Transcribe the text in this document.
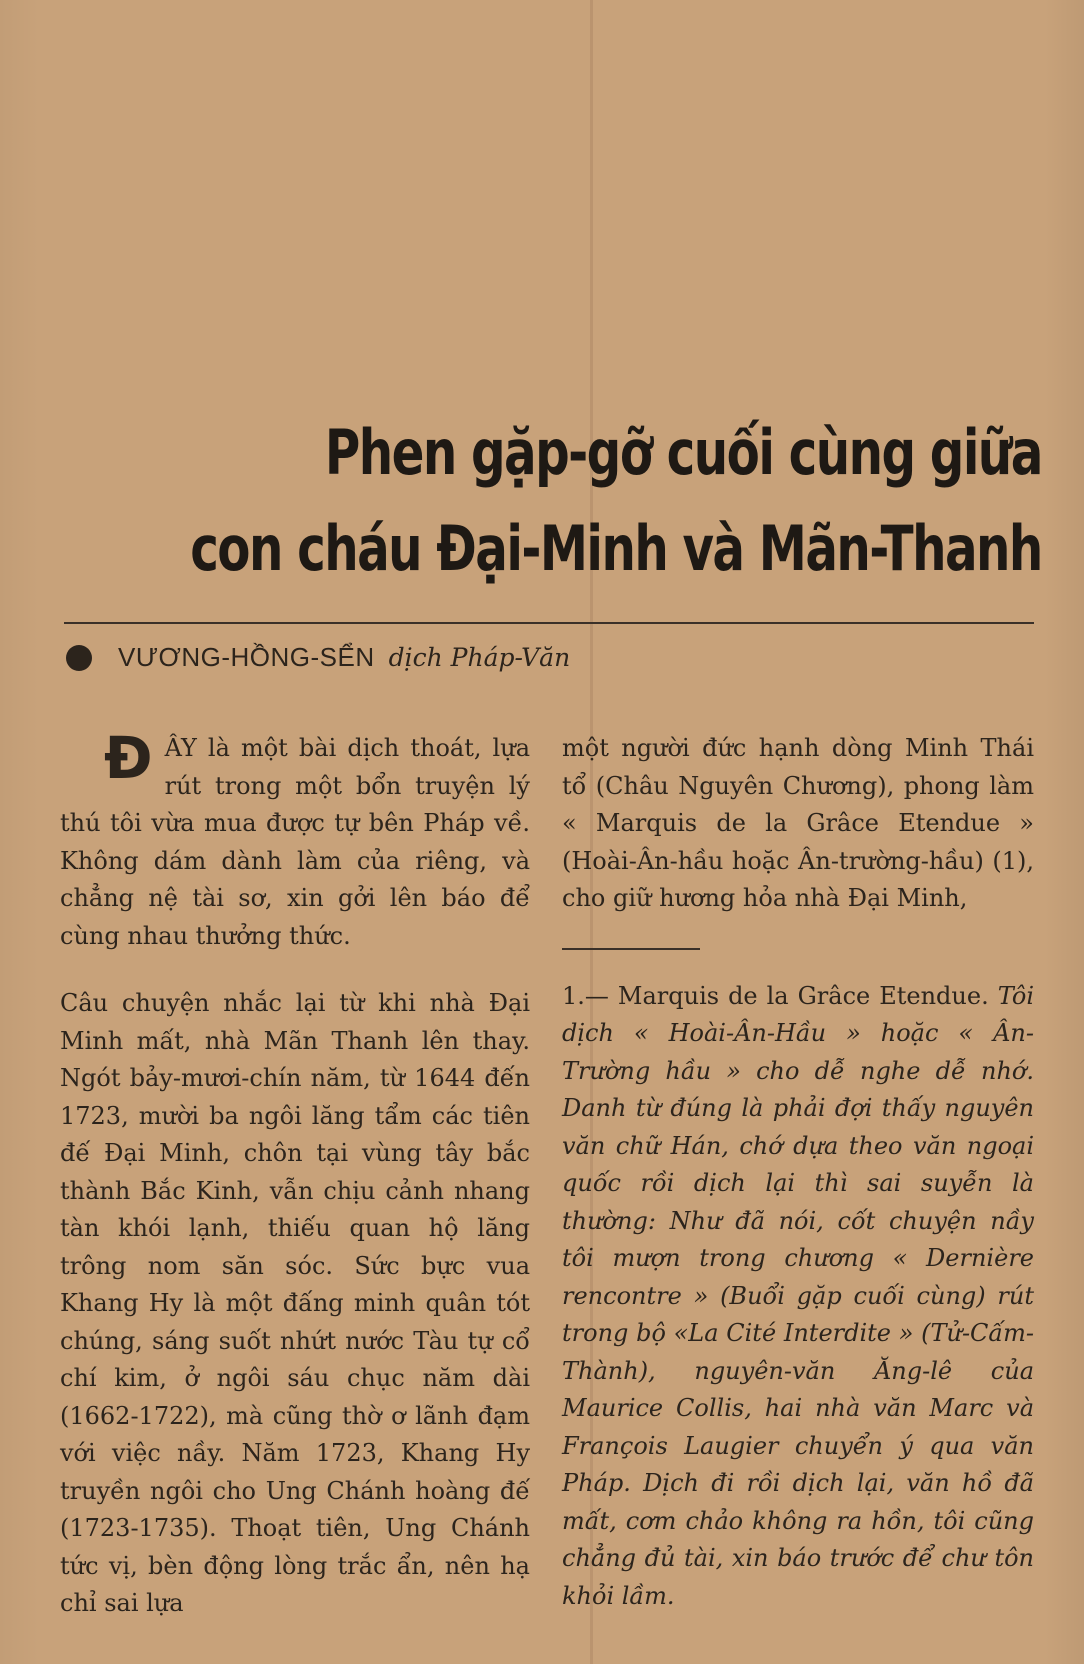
Phen gặp-gỡ cuối cùng giữa
con cháu Đại-Minh và Mãn-Thanh
VƯƠNG-HỒNG-SỂN dịch Pháp-Văn

ĐÂY là một bài dịch thoát, lựa rút trong một bổn truyện lý thú tôi vừa mua được tự bên Pháp về. Không dám dành làm của riêng, và chẳng nệ tài sơ, xin gởi lên báo để cùng nhau thưởng thức.

Câu chuyện nhắc lại từ khi nhà Đại Minh mất, nhà Mãn Thanh lên thay. Ngót bảy-mươi-chín năm, từ 1644 đến 1723, mười ba ngôi lăng tẩm các tiên đế Đại Minh, chôn tại vùng tây bắc thành Bắc Kinh, vẫn chịu cảnh nhang tàn khói lạnh, thiếu quan hộ lăng trông nom săn sóc. Sức bực vua Khang Hy là một đấng minh quân tót chúng, sáng suốt nhứt nước Tàu tự cổ chí kim, ở ngôi sáu chục năm dài (1662-1722), mà cũng thờ ơ lãnh đạm với việc nầy. Năm 1723, Khang Hy truyền ngôi cho Ung Chánh hoàng đế (1723-1735). Thoạt tiên, Ung Chánh tức vị, bèn động lòng trắc ẩn, nên hạ chỉ sai lựa

một người đức hạnh dòng Minh Thái tổ (Châu Nguyên Chương), phong làm « Marquis de la Grâce Etendue » (Hoài-Ân-hầu hoặc Ân-trường-hầu) (1), cho giữ hương hỏa nhà Đại Minh,

1.— Marquis de la Grâce Etendue. Tôi dịch « Hoài-Ân-Hầu » hoặc « Ân-Trường hầu » cho dễ nghe dễ nhớ. Danh từ đúng là phải đợi thấy nguyên văn chữ Hán, chớ dựa theo văn ngoại quốc rồi dịch lại thì sai suyễn là thường: Như đã nói, cốt chuyện nầy tôi mượn trong chương « Dernière rencontre » (Buổi gặp cuối cùng) rút trong bộ «La Cité Interdite » (Tử-Cấm-Thành), nguyên-văn Ăng-lê của Maurice Collis, hai nhà văn Marc và François Laugier chuyển ý qua văn Pháp. Dịch đi rồi dịch lại, văn hồ đã mất, cơm chảo không ra hồn, tôi cũng chẳng đủ tài, xin báo trước để chư tôn khỏi lầm.
